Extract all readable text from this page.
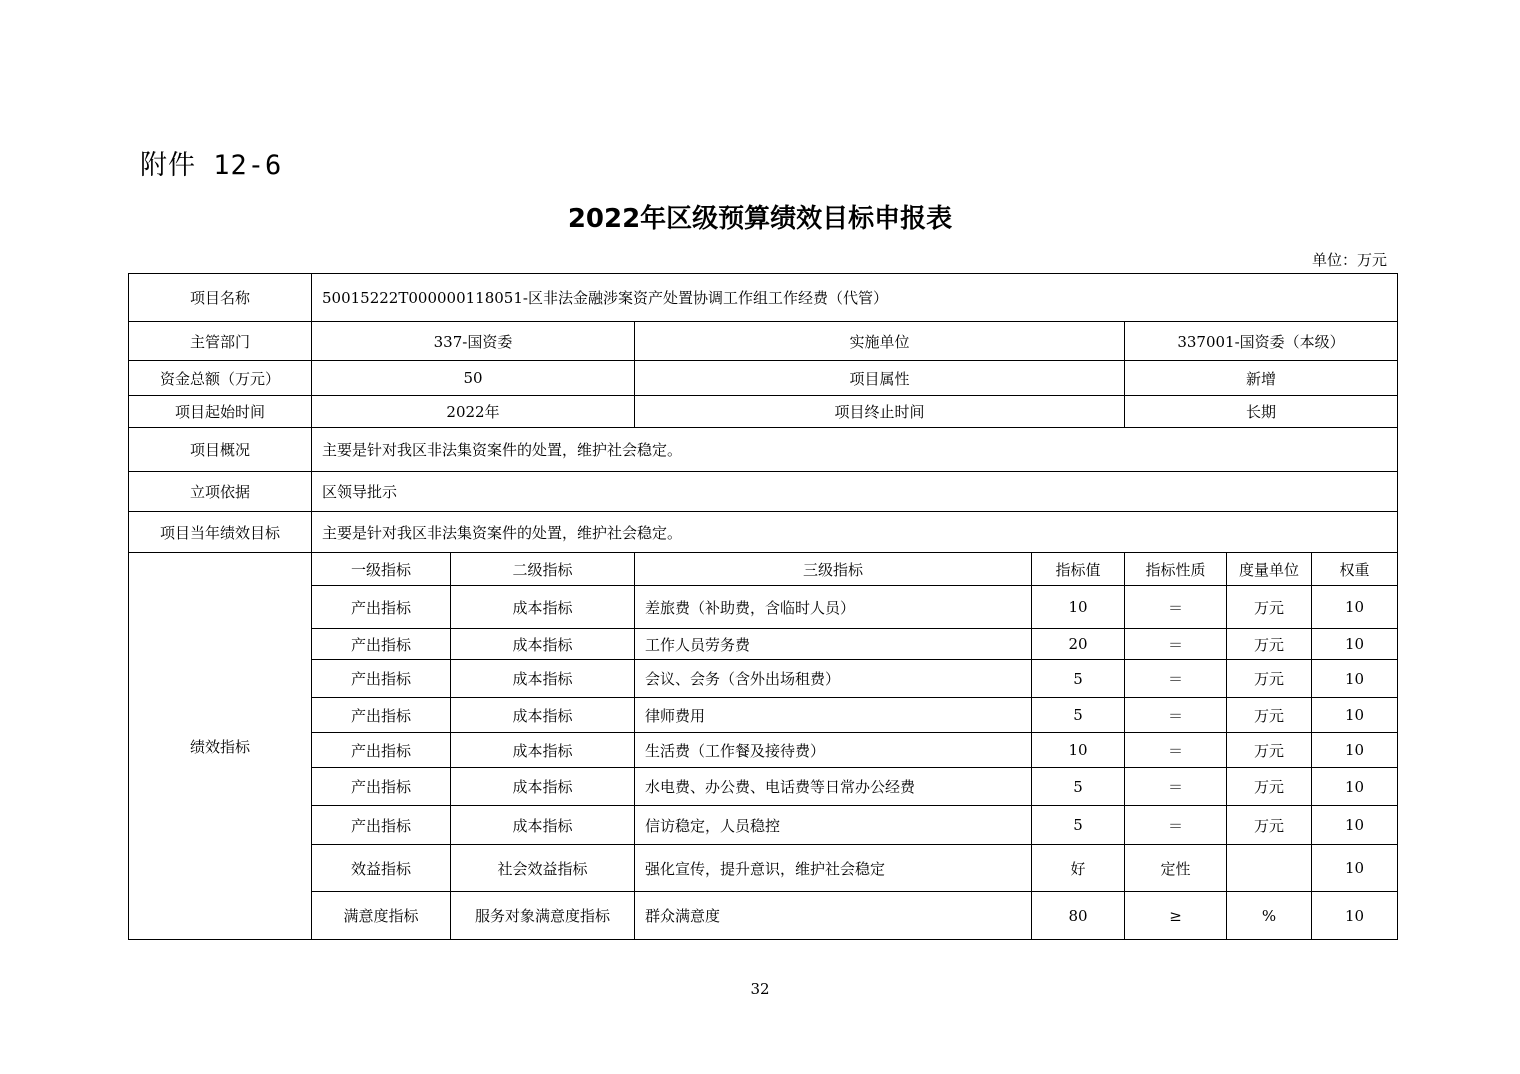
附件 12-6
2022年区级预算绩效目标申报表
单位：万元
项目名称	50015222T000000118051-区非法金融涉案资产处置协调工作组工作经费（代管）						
主管部门	337-国资委		实施单位		337001-国资委（本级）		
资金总额（万元）	50		项目属性		新增		
项目起始时间	2022年		项目终止时间		长期		
项目概况	主要是针对我区非法集资案件的处置，维护社会稳定。						
立项依据	区领导批示						
项目当年绩效目标	主要是针对我区非法集资案件的处置，维护社会稳定。						
绩效指标	一级指标	二级指标	三级指标	指标值	指标性质	度量单位	权重
	产出指标	成本指标	差旅费（补助费，含临时人员）	10	＝	万元	10
	产出指标	成本指标	工作人员劳务费	20	＝	万元	10
	产出指标	成本指标	会议、会务（含外出场租费）	5	＝	万元	10
	产出指标	成本指标	律师费用	5	＝	万元	10
	产出指标	成本指标	生活费（工作餐及接待费）	10	＝	万元	10
	产出指标	成本指标	水电费、办公费、电话费等日常办公经费	5	＝	万元	10
	产出指标	成本指标	信访稳定，人员稳控	5	＝	万元	10
	效益指标	社会效益指标	强化宣传，提升意识，维护社会稳定	好	定性		10
	满意度指标	服务对象满意度指标	群众满意度	80	≥	%	10
32
